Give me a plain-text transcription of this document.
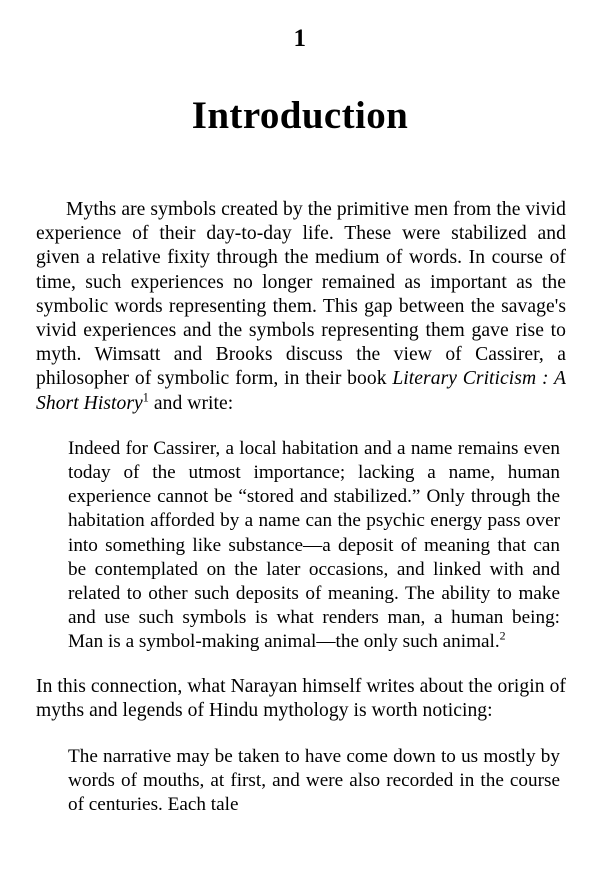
1
Introduction

Myths are symbols created by the primitive men from the vivid experience of their day-to-day life. These were stabilized and given a relative fixity through the medium of words. In course of time, such experiences no longer remained as important as the symbolic words representing them. This gap between the savage's vivid experiences and the symbols representing them gave rise to myth. Wimsatt and Brooks discuss the view of Cassirer, a philosopher of symbolic form, in their book Literary Criticism : A Short History$^1$ and write:

Indeed for Cassirer, a local habitation and a name remains even today of the utmost importance; lacking a name, human experience cannot be “stored and stabilized.” Only through the habitation afforded by a name can the psychic energy pass over into something like substance—a deposit of meaning that can be contemplated on the later occasions, and linked with and related to other such deposits of meaning. The ability to make and use such symbols is what renders man, a human being: Man is a symbol-making animal—the only such animal.$^2$

In this connection, what Narayan himself writes about the origin of myths and legends of Hindu mythology is worth noticing:

The narrative may be taken to have come down to us mostly by words of mouths, at first, and were also recorded in the course of centuries. Each tale
